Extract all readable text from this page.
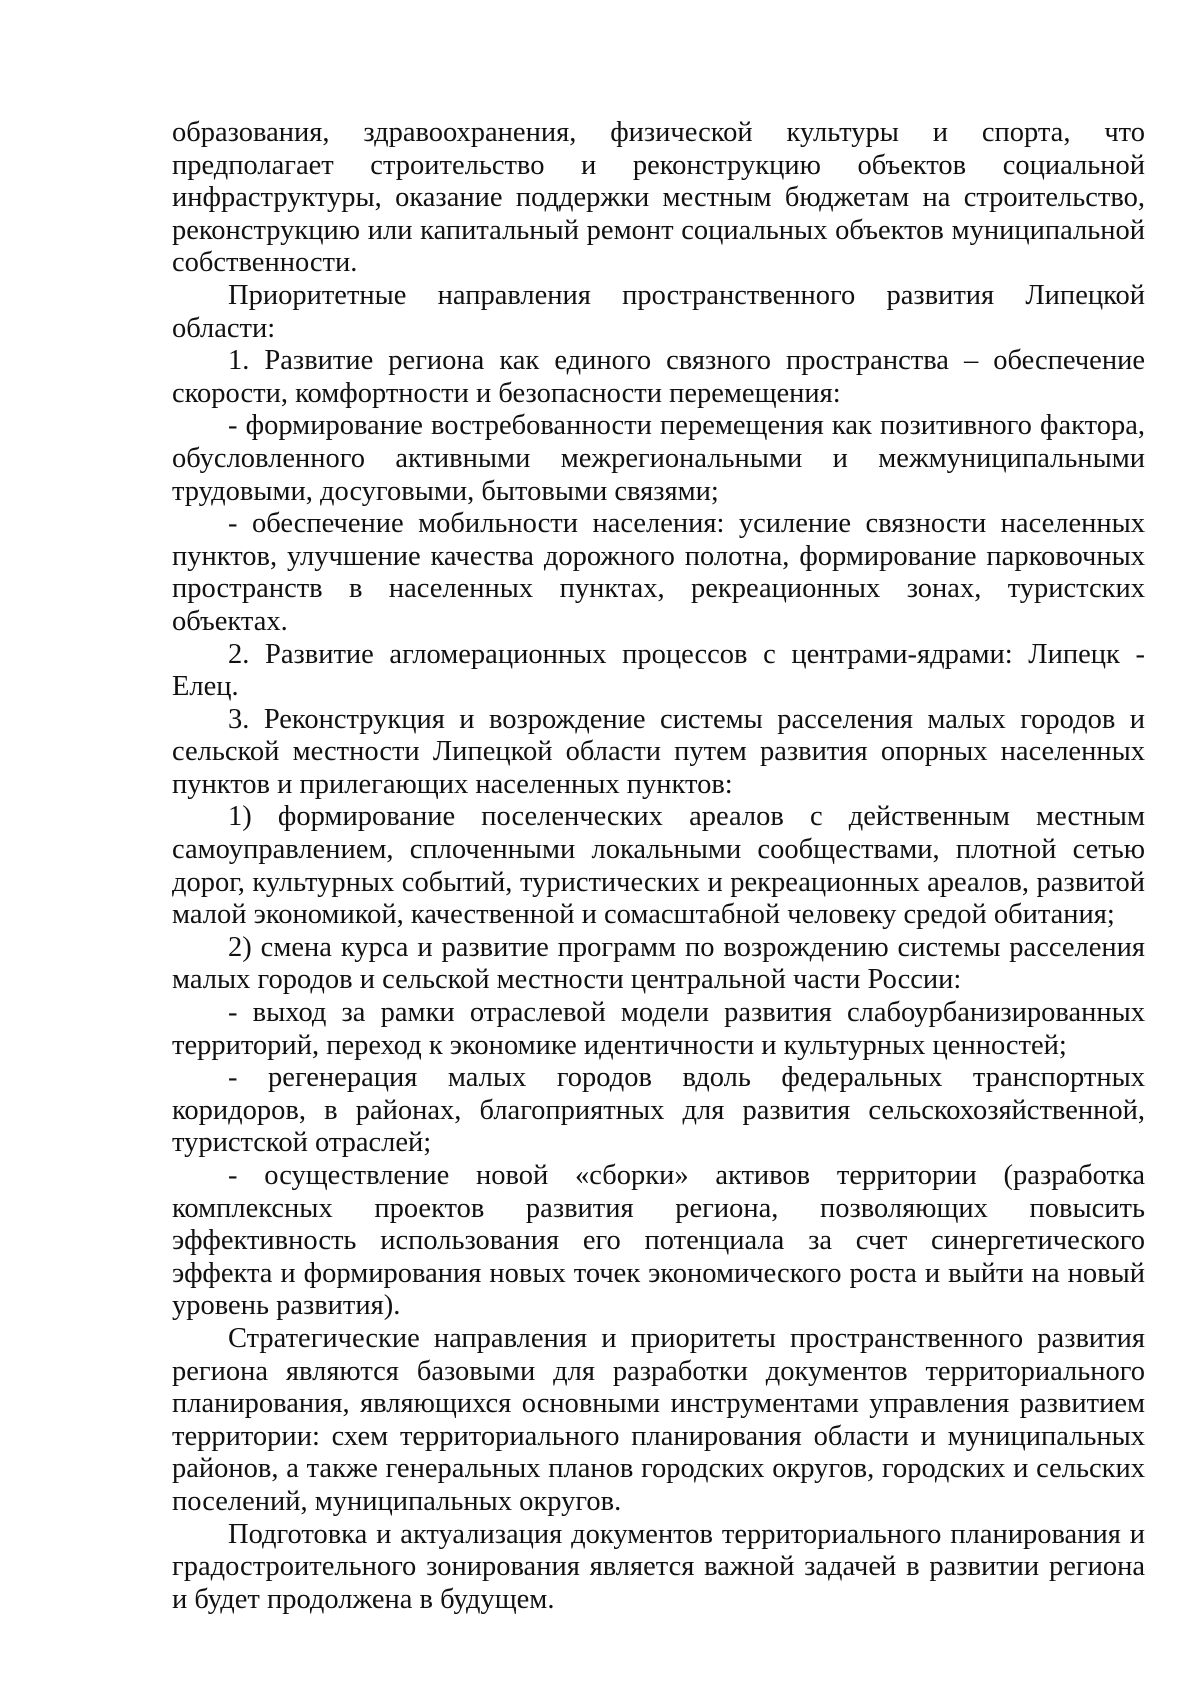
образования, здравоохранения, физической культуры и спорта, что предполагает строительство и реконструкцию объектов социальной инфраструктуры, оказание поддержки местным бюджетам на строительство, реконструкцию или капитальный ремонт социальных объектов муниципальной собственности.

Приоритетные направления пространственного развития Липецкой области:

1. Развитие региона как единого связного пространства – обеспечение скорости, комфортности и безопасности перемещения:

- формирование востребованности перемещения как позитивного фактора, обусловленного активными межрегиональными и межмуниципальными трудовыми, досуговыми, бытовыми связями;

- обеспечение мобильности населения: усиление связности населенных пунктов, улучшение качества дорожного полотна, формирование парковочных пространств в населенных пунктах, рекреационных зонах, туристских объектах.

2. Развитие агломерационных процессов с центрами-ядрами: Липецк - Елец.

3. Реконструкция и возрождение системы расселения малых городов и сельской местности Липецкой области путем развития опорных населенных пунктов и прилегающих населенных пунктов:

1) формирование поселенческих ареалов с действенным местным самоуправлением, сплоченными локальными сообществами, плотной сетью дорог, культурных событий, туристических и рекреационных ареалов, развитой малой экономикой, качественной и сомасштабной человеку средой обитания;

2) смена курса и развитие программ по возрождению системы расселения малых городов и сельской местности центральной части России:

- выход за рамки отраслевой модели развития слабоурбанизированных территорий, переход к экономике идентичности и культурных ценностей;

- регенерация малых городов вдоль федеральных транспортных коридоров, в районах, благоприятных для развития сельскохозяйственной, туристской отраслей;

- осуществление новой «сборки» активов территории (разработка комплексных проектов развития региона, позволяющих повысить эффективность использования его потенциала за счет синергетического эффекта и формирования новых точек экономического роста и выйти на новый уровень развития).

Стратегические направления и приоритеты пространственного развития региона являются базовыми для разработки документов территориального планирования, являющихся основными инструментами управления развитием территории: схем территориального планирования области и муниципальных районов, а также генеральных планов городских округов, городских и сельских поселений, муниципальных округов.

Подготовка и актуализация документов территориального планирования и градостроительного зонирования является важной задачей в развитии региона и будет продолжена в будущем.
